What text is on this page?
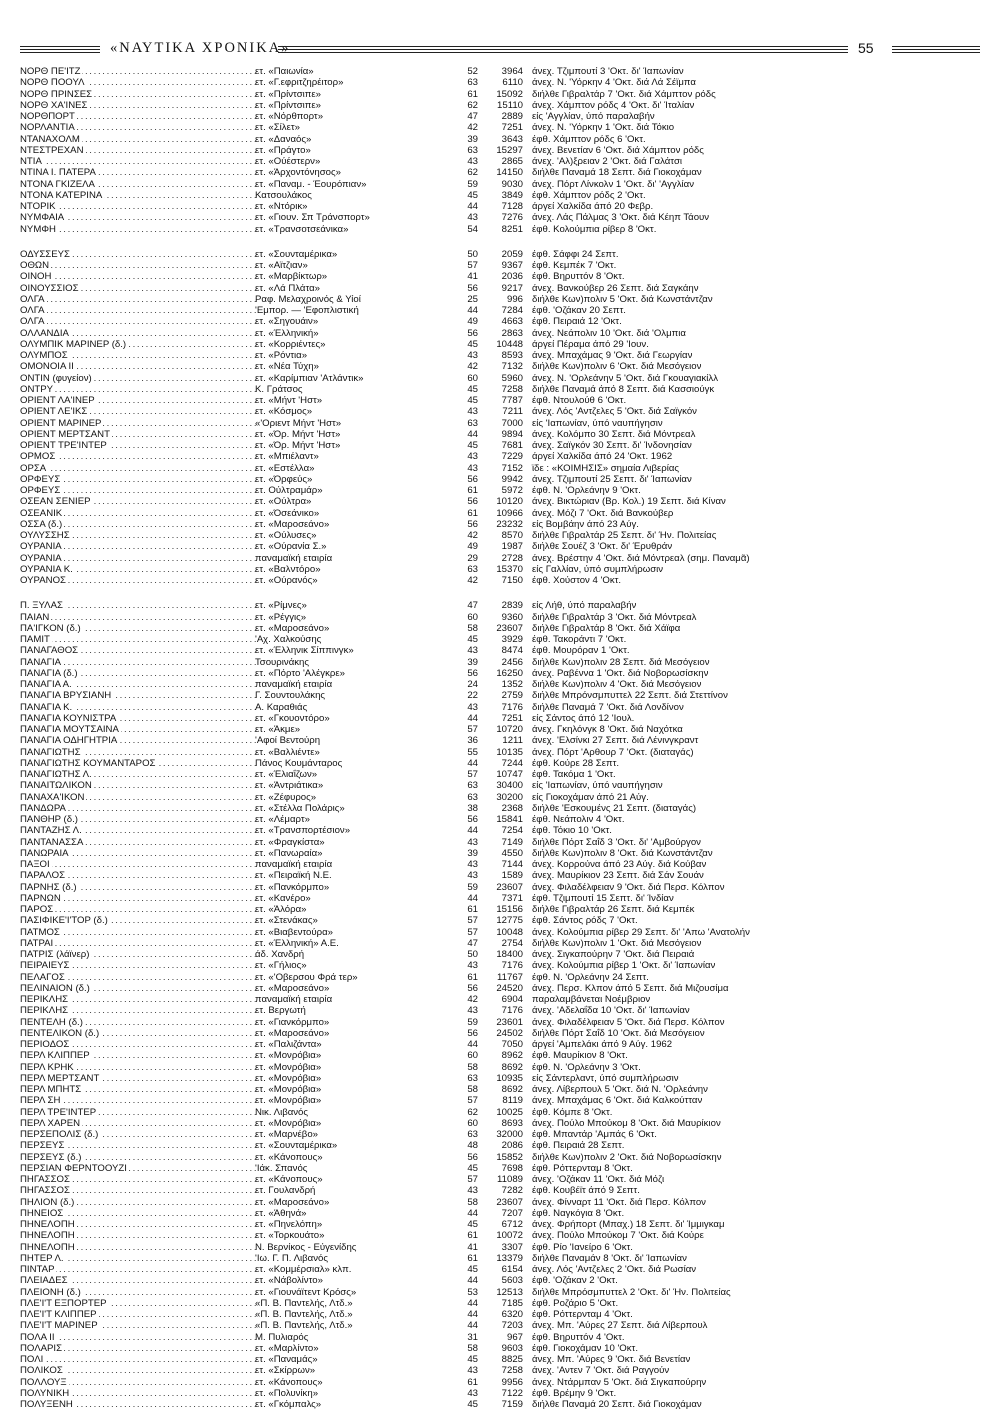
«ΝΑΥΤΙΚΑ ΧΡΟΝΙΚΑ»	55
. . . ΝΟΡΘ ΠΕ'ΙΤΖ	ετ. «Παιωνία»	52	3964 άνεχ. Τζιμπουτί 3 'Οκτ. δι' Ίαπωνίαν
. . . ΝΟΡΘ ΠΟΟΥΛ	ετ. «Γ.εφριτζηρέιτορ»	63	6110 άνεχ. Ν. 'Υόρκην 4 'Οκτ. διά Λά Σέϊμπα
. . . ΝΟΡΘ ΠΡΙΝΣΕΣ	ετ. «Πρίντσιπε»	61	15092 διήλθε Γιβραλτάρ 7 'Οκτ. διά Χάμπτον ρόδς
. . . ΝΟΡΘ ΧΑ'ΙΝΕΣ	ετ. «Πρίντσιπε»	62	15110 άνεχ. Χάμπτον ρόδς 4 'Οκτ. δι' Ίταλίαν
. . . ΝΟΡΘΠΟΡΤ	ετ. «Νόρθπορτ»	47	2889 είς 'Αγγλίαν, ύπό παραλαβήν
. . . ΝΟΡΛΑΝΤΙΑ	ετ. «Σίλετ»	42	7251 άνεχ. Ν. 'Υόρκην 1 'Οκτ. διά Τόκιο
. . . ΝΤΑΝΑΧΟΛΜ	ετ. «Δαναός»	39	3643 έφθ. Χάμπτον ρόδς 6 'Οκτ.
. . . ΝΤΕΣΤΡΕΧΑΝ	ετ. «Πράγτο»	63	15297 άνεχ. Βενετίαν 6 'Οκτ. διά Χάμπτον ρόδς
. . . ΝΤΙΑ	ετ. «Ούέστερν»	43	2865 άνεχ. 'Αλ)ξρειαν 2 'Οκτ. διά Γαλάτσι
. . . ΝΤΙΝΑ Ι. ΠΑΤΕΡΑ	ετ. «Άρχοντόνησος»	62	14150 διήλθε Παναμά 18 Σεπτ. διά Γιοκοχάμαν
. . . ΝΤΟΝΑ ΓΚΙΖΕΛΑ	ετ. «Παναμ. - Έουρόπιαν»	59	9030 άνεχ. Πόρτ Λίνκολν 1 'Οκτ. δι' 'Αγγλίαν
. . . ΝΤΟΝΑ ΚΑΤΕΡΙΝΑ	Κατσουλάκος	45	3849 έφθ. Χάμπτον ρόδς 2 'Οκτ.
. . . ΝΤΟΡΙΚ	ετ. «Ντόρικ»	44	7128 άργεί Χαλκίδα άπό 20 Φεβρ.
. . . ΝΥΜΦΑΙΑ	ετ. «Γιουν. Σπ Τράνσπορτ»	43	7276 άνεχ. Λάς Πάλμας 3 'Οκτ. διά Κέηπ Τάουν
. . . ΝΥΜΦΗ	ετ. «Τρανσοτσεάνικα»	54	8251 έφθ. Κολούμπια ρίβερ 8 'Οκτ.
. . . ΟΔΥΣΣΕΥΣ	ετ. «Σουνταμέρικα»	50	2059 έφθ. Σάφφι 24 Σεπτ.
. . . ΟΘΩΝ	ετ. «Αϊτζιαν»	57	9367 έφθ. Κεμπέκ 7 'Οκτ.
. . . ΟΙΝΟΗ	ετ. «Μαρβίκτωρ»	41	2036 έφθ. Βηρυττόν 8 'Οκτ.
. . . ΟΙΝΟΥΣΣΙΟΣ	ετ. «Λά Πλάτα»	56	9217 άνεχ. Βανκούβερ 26 Σεπτ. διά Σαγκάην
. . . ΟΛΓΑ	Ραφ. Μελαχροινός & Υίοί	25	996 διήλθε Κων)πολιν 5 'Οκτ. διά Κωνστάντζαν
. . . ΟΛΓΑ	'Εμπορ. — 'Εφοπλιστική	44	7284 έφθ. 'Οζάκαν 20 Σεπτ.
. . . ΟΛΓΑ	ετ. «Σηγουάιν»	49	4663 έφθ. Πειραιά 12 'Οκτ.
. . . ΟΛΛΑΝΔΙΑ	ετ. «Έλληνική»	56	2863 άνεχ. Νεάπολιν 10 'Οκτ. διά 'Ολμπια
. . . ΟΛΥΜΠΙΚ ΜΑΡΙΝΕΡ (δ.)	ετ. «Κορριέντες»	45	10448 άργεί Πέραμα άπό 29 'Ιουν.
. . . ΟΛΥΜΠΟΣ	ετ. «Ρόντια»	43	8593 άνεχ. Μπαχάμας 9 'Οκτ. διά Γεωργίαν
. . . ΟΜΟΝΟΙΑ ΙΙ	ετ. «Νέα Τύχη»	42	7132 διήλθε Κων)πολιν 6 'Οκτ. διά Μεσόγειον
. . . ΟΝΤΙΝ (φυγείον)	ετ. «Καρίμπιαν 'Ατλάντικ»	60	5960 άνεχ. Ν. 'Ορλεάνην 5 'Οκτ. διά Γκουαγιακίλλ
. . . ΟΝΤΡΥ	Κ. Γράτσος	45	7258 διήλθε Παναμά άπό 8 Σεπτ. διά Κασσιούγκ
. . . ΟΡΙΕΝΤ ΛΑ'ΙΝΕΡ	ετ. «Μήντ 'Ηστ»	45	7787 έφθ. Ντουλούθ 6 'Οκτ.
. . . ΟΡΙΕΝΤ ΛΕ'ΙΚΣ	ετ. «Κόσμος»	43	7211 άνεχ. Λός 'Αντζελες 5 'Οκτ. διά Σαϊγκόν
. . . ΟΡΙΕΝΤ ΜΑΡΙΝΕΡ	«'Οριεντ Μήντ 'Ηστ»	63	7000 είς 'Ιαπωνίαν, ύπό ναυπήγησιν
. . . ΟΡΙΕΝΤ ΜΕΡΤΣΑΝΤ	ετ. «Όρ. Μήντ 'Ηστ»	44	9894 άνεχ. Κολόμπο 30 Σεπτ. διά Μόντρεαλ
. . . ΟΡΙΕΝΤ ΤΡΕ'ΙΝΤΕΡ	ετ. «Όρ. Μήντ 'Ηστ»	45	7681 άνεχ. Σαϊγκόν 30 Σεπτ. δι' Ίνδονησίαν
. . . ΟΡΜΟΣ	ετ. «Μπιέλαντ»	43	7229 άργεί Χαλκίδα άπό 24 'Οκτ. 1962
. . . ΟΡΣΑ	ετ. «Εστέλλα»	43	7152 ϊδε : «ΚΟΙΜΗΣΙΣ» σημαία Λιβερίας
. . . ΟΡΦΕΥΣ	ετ. «Όρφεύς»	56	9942 άνεχ. Τζιμπουτί 25 Σεπτ. δι' Ίαπωνίαν
. . . ΟΡΦΕΥΣ	ετ. Ούλτραμάρ»	61	5972 έφθ. Ν. 'Ορλεάνην 9 'Οκτ.
. . . ΟΣΕΑΝ ΣΕΝΙΕΡ	ετ. «Ούλτρα»	56	10120 άνεχ. Βικτώριαν (Βρ. Κολ.) 19 Σεπτ. διά Κίναν
. . . ΟΣΕΑΝΙΚ	ετ. «Όσεάνικο»	61	10966 άνεχ. Μόζι 7 'Οκτ. διά Βανκούβερ
. . . ΟΣΣΑ (δ.)	ετ. «Μαροσεάνο»	56	23232 είς Βομβάην άπό 23 Αύγ.
. . . ΟΥΛΥΣΣΗΣ	ετ. «Ούλυσες»	42	8570 διήλθε Γιβραλτάρ 25 Σεπτ. δι' Ήν. Πολιτείας
. . . ΟΥΡΑΝΙΑ	ετ. «Ούρανία Σ.»	49	1987 διήλθε Σουέζ 3 'Οκτ. δι' Έρυθράν
. . . ΟΥΡΑΝΙΑ	παναμαϊκή εταιρία	29	2728 άνεχ. Βρέστην 4 'Οκτ. διά Μόντρεαλ (σημ. Παναμᾶ)
. . . ΟΥΡΑΝΙΑ Κ.	ετ. «Βαλντόρο»	63	15370 είς Γαλλίαν, ύπό συμπλήρωσιν
. . . ΟΥΡΑΝΟΣ	ετ. «Ούρανός»	42	7150 έφθ. Χούστον 4 'Οκτ.
. . . Π. ΞΥΛΑΣ	ετ. «Ρίμνες»	47	2839 είς Λήθ, ύπό παραλαβήν
. . . ΠΑΙΑΝ	ετ. «Ρέγγις»	60	9360 διήλθε Γιβραλτάρ 3 'Οκτ. διά Μόντρεαλ
. . . ΠΑ'ΙΓΚΟΝ (δ.)	ετ. «Μαροσεάνο»	58	23607 διήλθε Γιβραλτάρ 8 'Οκτ. διά Χάϊφα
. . . ΠΑΜΙΤ	'Αχ. Χαλκούσης	45	3929 έφθ. Τακοράντι 7 'Οκτ.
. . . ΠΑΝΑΓΑΘΟΣ	ετ. «Έλληνικ Σίππινγκ»	43	8474 έφθ. Μουρόραν 1 'Οκτ.
. . . ΠΑΝΑΓΙΑ	Τσουρινάκης	39	2456 διήλθε Κων)πολιν 28 Σεπτ. διά Μεσόγειον
. . . ΠΑΝΑΓΙΑ (δ.)	ετ. «Πόρτο 'Αλέγκρε»	56	16250 άνεχ. Ραβέννα 1 'Οκτ. διά Νοβορωσίσκην
. . . ΠΑΝΑΓΙΑ Α.	παναμαϊκή εταιρία	24	1352 διήλθε Κων)πολιν 4 'Οκτ. διά Μεσόγειον
. . . ΠΑΝΑΓΙΑ ΒΡΥΣΙΑΝΗ	Γ. Σουντουλάκης	22	2759 διήλθε Μπρόνσμπυττελ 22 Σεπτ. διά Στεττίνον
. . . ΠΑΝΑΓΙΑ Κ.	Α. Καραθιάς	43	7176 διήλθε Παναμά 7 'Οκτ. διά Λονδίνον
. . . ΠΑΝΑΓΙΑ ΚΟΥΝΙΣΤΡΑ	ετ. «Γκουοντόρο»	44	7251 είς Σάντος άπό 12 'Ιουλ.
. . . ΠΑΝΑΓΙΑ ΜΟΥΤΣΑΙΝΑ	ετ. «Άκμε»	57	10720 άνεχ. Γκηλόνγκ 8 'Οκτ. διά Ναχότκα
. . . ΠΑΝΑΓΙΑ ΟΔΗΓΗΤΡΙΑ	'Αφοί Βεντούρη	36	1211 άνεχ. 'Ελσίνκι 27 Σεπτ. διά Λένινγκραντ
. . . ΠΑΝΑΓΙΩΤΗΣ	ετ. «Βαλλιέντε»	55	10135 άνεχ. Πόρτ 'Αρθουρ 7 'Οκτ. (διαταγάς)
. . . ΠΑΝΑΓΙΩΤΗΣ ΚΟΥΜΑΝΤΑΡΟΣ	Πάνος Κουμάνταρος	44	7244 έφθ. Κούρε 28 Σεπτ.
. . . ΠΑΝΑΓΙΩΤΗΣ Λ.	ετ. «Έλιαΐζων»	57	10747 έφθ. Τακόμα 1 'Οκτ.
. . . ΠΑΝΑΙΤΩΛΙΚΟΝ	ετ. «Άντριάτικα»	63	30400 είς 'Ιαπωνίαν, ύπό ναυπήγησιν
. . . ΠΑΝΑΧΑ'ΙΚΟΝ	ετ. «Ζέφυρος»	63	30200 είς Γιοκοχάμαν άπό 21 Αύγ.
. . . ΠΑΝΔΩΡΑ	ετ. «Στέλλα Πολάρις»	38	2368 διήλθε 'Εσκουμένς 21 Σεπτ. (διαταγάς)
. . . ΠΑΝΘΗΡ (δ.)	ετ. «Λέμαρτ»	56	15841 έφθ. Νεάπολιν 4 'Οκτ.
. . . ΠΑΝΤΑΖΗΣ Λ.	ετ. «Τρανσπορτέσιον»	44	7254 έφθ. Τόκιο 10 'Οκτ.
. . . ΠΑΝΤΑΝΑΣΣΑ	ετ. «Φραγκίστα»	43	7149 διήλθε Πόρτ Σαΐδ 3 'Οκτ. δι' 'Αμβούργον
. . . ΠΑΝΩΡΑΙΑ	ετ. «Πανωραία»	39	4550 διήλθε Κων)πολιν 8 'Οκτ. διά Κωνστάντζαν
. . . ΠΑΞΟΙ	παναμαϊκή εταιρία	43	7144 άνεχ. Κορρούνα άπό 23 Αύγ. διά Κούβαν
. . . ΠΑΡΑΛΟΣ	ετ. «Πειραϊκή Ν.Ε.	43	1589 άνεχ. Μαυρίκιον 23 Σεπτ. διά Σάν Σουάν
. . . ΠΑΡΝΗΣ (δ.)	ετ. «Πανκόρμπο»	59	23607 άνεχ. Φιλαδέλφειαν 9 'Οκτ. διά Περσ. Κόλπον
. . . ΠΑΡΝΩΝ	ετ. «Κανέρο»	44	7371 έφθ. Τζιμπουτί 15 Σεπτ. δι' Ίνδίαν
. . . ΠΑΡΟΣ	ετ. «Άλόρα»	61	15156 διήλθε Γιβραλτάρ 26 Σεπτ. διά Κεμπέκ
. . . ΠΑΣΙΦΙΚΕ'Ι'ΤΟΡ (δ.)	ετ. «Στενάκας»	57	12775 έφθ. Σάντος ρόδς 7 'Οκτ.
. . . ΠΑΤΜΟΣ	ετ. «Βιαβεντούρα»	57	10048 άνεχ. Κολούμπια ρίβερ 29 Σεπτ. δι' 'Απω 'Ανατολήν
. . . ΠΑΤΡΑΙ	ετ. «Έλληνική» Α.Ε.	47	2754 διήλθε Κων)πολιν 1 'Οκτ. διά Μεσόγειον
. . . ΠΑΤΡΙΣ (λάϊνερ)	άδ. Χανδρή	50	18400 άνεχ. Σιγκαπούρην 7 'Οκτ. διά Πειραιά
. . . ΠΕΙΡΑΙΕΥΣ	ετ. «Γήλιος»	43	7176 άνεχ. Κολούμπια ρίβερ 1 'Οκτ. δι' Ίαπωνίαν
. . . ΠΕΛΑΓΟΣ	ετ. «'Οβερσου Φρά τερ»	61	11767 έφθ. Ν. 'Ορλεάνην 24 Σεπτ.
. . . ΠΕΛΙΝΑΙΟΝ (δ.)	ετ. «Μαροσεάνο»	56	24520 άνεχ. Περσ. Κλπον άπό 5 Σεπτ. διά Μιζουσίμα
. . . ΠΕΡΙΚΛΗΣ	παναμαϊκή εταιρία	42	6904 παραλαμβάνεται Νοέμβριον
. . . ΠΕΡΙΚΛΗΣ	ετ. Βεργωτή	43	7176 άνεχ. 'Αδελαΐδα 10 'Οκτ. δι' Ίαπωνίαν
. . . ΠΕΝΤΕΛΗ (δ.)	ετ. «Γιανκόρμπο»	59	23601 άνεχ. Φιλαδέλφειαν 5 'Οκτ. διά Περσ. Κόλπον
. . . ΠΕΝΤΕΛΙΚΟΝ (δ.)	ετ. «Μαροσεάνο»	56	24502 διήλθε Πόρτ Σαΐδ 10 'Οκτ. διά Μεσόγειον
. . . ΠΕΡΙΟΔΟΣ	ετ. «Παλιζάντα»	44	7050 άργεί 'Αμπελάκι άπό 9 Αύγ. 1962
. . . ΠΕΡΛ ΚΛΙΠΠΕΡ	ετ. «Μονρόβια»	60	8962 έφθ. Μαυρίκιον 8 'Οκτ.
. . . ΠΕΡΛ ΚΡΗΚ	ετ. «Μονρόβια»	58	8692 έφθ. Ν. 'Ορλεάνην 3 'Οκτ.
. . . ΠΕΡΛ ΜΕΡΤΣΑΝΤ	ετ. «Μονρόβια»	63	10935 είς Σάντερλαντ, ύπό συμπλήρωσιν
. . . ΠΕΡΛ ΜΠΗΤΣ	ετ. «Μονρόβια»	58	8692 άνεχ. Λίβερπουλ 5 'Οκτ. διά Ν. 'Ορλεάνην
. . . ΠΕΡΛ ΣΗ	ετ. «Μονρόβια»	57	8119 άνεχ. Μπαχάμας 6 'Οκτ. διά Καλκούτταν
. . . ΠΕΡΛ ΤΡΕ'ΙΝΤΕΡ	Νικ. Λιβανός	62	10025 έφθ. Κόμπε 8 'Οκτ.
. . . ΠΕΡΛ ΧΑΡΕΝ	ετ. «Μονρόβια»	60	8693 άνεχ. Πούλο Μπούκομ 8 'Οκτ. διά Μαυρίκιον
. . . ΠΕΡΣΕΠΟΛΙΣ (δ.)	ετ. «Μαρνέβο»	63	32000 έφθ. Μπαντάρ 'Αμπάς 6 'Οκτ.
. . . ΠΕΡΣΕΥΣ	ετ. «Σουνταμέρικα»	48	2086 έφθ. Πειραιά 28 Σεπτ.
. . . ΠΕΡΣΕΥΣ (δ.)	ετ. «Κάνοπους»	56	15852 διήλθε Κων)πολιν 2 'Οκτ. διά Νοβορωσίσκην
. . . ΠΕΡΣΙΑΝ ΦΕΡΝΤΟΟΥΖΙ	'Ιάκ. Σπανός	45	7698 έφθ. Ρόττερνταμ 8 'Οκτ.
. . . ΠΗΓΑΣΣΟΣ	ετ. «Κάνοπους»	57	11089 άνεχ. 'Οζάκαν 11 'Οκτ. διά Μόζι
. . . ΠΗΓΑΣΣΟΣ	ετ. Γουλανδρή	43	7282 έφθ. Κουβέϊτ άπό 9 Σεπτ.
. . . ΠΗΛΙΟΝ (δ.)	ετ. «Μαροσεάνο»	58	23607 άνεχ. Φίνναρτ 11 'Οκτ. διά Περσ. Κόλπον
. . . ΠΗΝΕΙΟΣ	ετ. «Άθηνά»	44	7207 έφθ. Ναγκόγια 8 'Οκτ.
. . . ΠΗΝΕΛΟΠΗ	ετ. «Πηνελόπη»	45	6712 άνεχ. Φρήπορτ (Μπαχ.) 18 Σεπτ. δι' Ίμμιγκαμ
. . . ΠΗΝΕΛΟΠΗ	ετ. «Τορκουάτο»	61	10072 άνεχ. Πούλο Μπούκομ 7 'Οκτ. διά Κούρε
. . . ΠΗΝΕΛΟΠΗ	Ν. Βερνίκος - Εύγενίδης	41	3307 έφθ. Ρίο 'Ιανείρο 6 'Οκτ.
. . . ΠΗΤΕΡ Λ.	'Ιω. Γ. Π. Λιβανός	61	13379 διήλθε Παναμάν 8 'Οκτ. δι' Ίαπωνίαν
. . . ΠΙΝΤΑΡ	ετ. «Κομμέρσιαλ» κλπ.	45	6154 άνεχ. Λός 'Αντζελες 2 'Οκτ. διά Ρωσίαν
. . . ΠΛΕΙΑΔΕΣ	ετ. «Νάβολίντο»	44	5603 έφθ. 'Οζάκαν 2 'Οκτ.
. . . ΠΛΕΙΟΝΗ (δ.)	ετ. «Γιουνάϊτεντ Κρόσς»	53	12513 διήλθε Μπρόσμπυττελ 2 'Οκτ. δι' Ήν. Πολιτείας
. . . ΠΛΕ'Ι'Τ ΕΞΠΟΡΤΕΡ	«Π. Β. Παντελής, Λτδ.»	44	7185 έφθ. Ροζάριο 5 'Οκτ.
. . . ΠΛΕ'Ι'Τ ΚΛΙΠΠΕΡ	«Π. Β. Παντελής, Λτδ.»	44	6320 έφθ. Ρόττερνταμ 4 'Οκτ.
. . . ΠΛΕ'Ι'Τ ΜΑΡΙΝΕΡ	«Π. Β. Παντελής, Λτδ.»	44	7203 άνεχ. Μπ. 'Αύρες 27 Σεπτ. διά Λίβερπουλ
. . . ΠΟΛΑ ΙΙ	Μ. Πυλιαρός	31	967 έφθ. Βηρυττόν 4 'Οκτ.
. . . ΠΟΛΑΡΙΣ	ετ. «Μαρλίντο»	58	9603 έφθ. Γιοκοχάμαν 10 'Οκτ.
. . . ΠΟΛΙ	ετ. «Παναμάς»	45	8825 άνεχ. Μπ. 'Αύρες 9 'Οκτ. διά Βενετίαν
. . . ΠΟΛΙΚΟΣ	ετ. «Σκίρρων»	43	7258 άνεχ. 'Αντεν 7 'Οκτ. διά Ραγγούν
. . . ΠΟΛΛΟΥΞ	ετ. «Κάνοπους»	61	9956 άνεχ. Ντάρμπαν 5 'Οκτ. διά Σιγκαπούρην
. . . ΠΟΛΥΝΙΚΗ	ετ. «Πολυνίκη»	43	7122 έφθ. Βρέμην 9 'Οκτ.
. . . ΠΟΛΥΞΕΝΗ	ετ. «Γκόμπαλς»	45	7159 διήλθε Παναμά 20 Σεπτ. διά Γιοκοχάμαν
